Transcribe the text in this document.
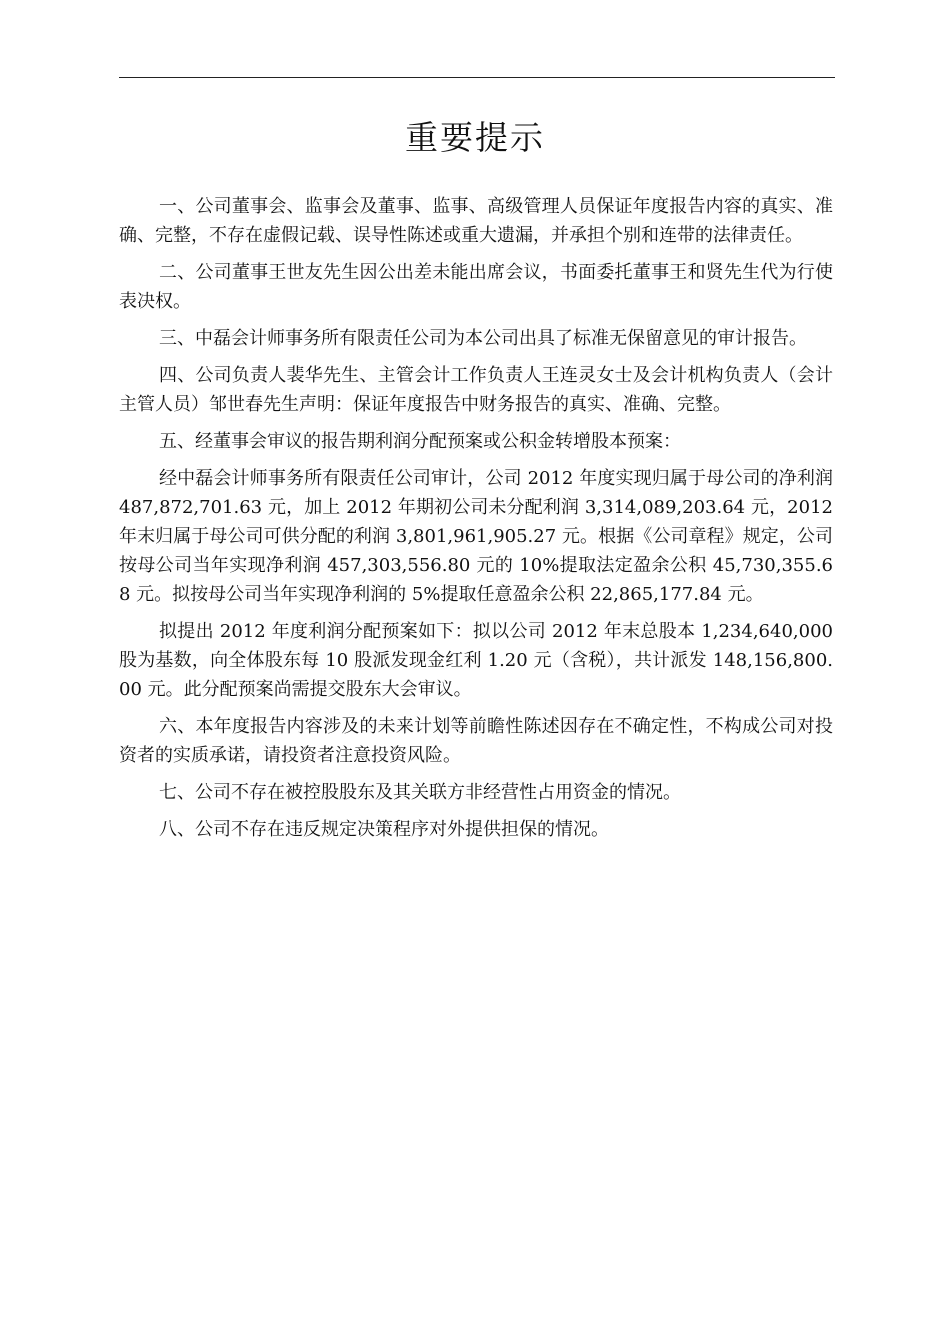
重要提示

一、公司董事会、监事会及董事、监事、高级管理人员保证年度报告内容的真实、准确、完整，不存在虚假记载、误导性陈述或重大遗漏，并承担个别和连带的法律责任。

二、公司董事王世友先生因公出差未能出席会议，书面委托董事王和贤先生代为行使表决权。

三、中磊会计师事务所有限责任公司为本公司出具了标准无保留意见的审计报告。

四、公司负责人裴华先生、主管会计工作负责人王连灵女士及会计机构负责人（会计主管人员）邹世春先生声明：保证年度报告中财务报告的真实、准确、完整。

五、经董事会审议的报告期利润分配预案或公积金转增股本预案：

经中磊会计师事务所有限责任公司审计，公司 2012 年度实现归属于母公司的净利润 487,872,701.63 元，加上 2012 年期初公司未分配利润 3,314,089,203.64 元，2012 年末归属于母公司可供分配的利润 3,801,961,905.27 元。根据《公司章程》规定，公司按母公司当年实现净利润 457,303,556.80 元的 10%提取法定盈余公积 45,730,355.68 元。拟按母公司当年实现净利润的 5%提取任意盈余公积 22,865,177.84 元。

拟提出 2012 年度利润分配预案如下：拟以公司 2012 年末总股本 1,234,640,000 股为基数，向全体股东每 10 股派发现金红利 1.20 元（含税），共计派发 148,156,800.00 元。此分配预案尚需提交股东大会审议。

六、本年度报告内容涉及的未来计划等前瞻性陈述因存在不确定性，不构成公司对投资者的实质承诺，请投资者注意投资风险。

七、公司不存在被控股股东及其关联方非经营性占用资金的情况。

八、公司不存在违反规定决策程序对外提供担保的情况。
